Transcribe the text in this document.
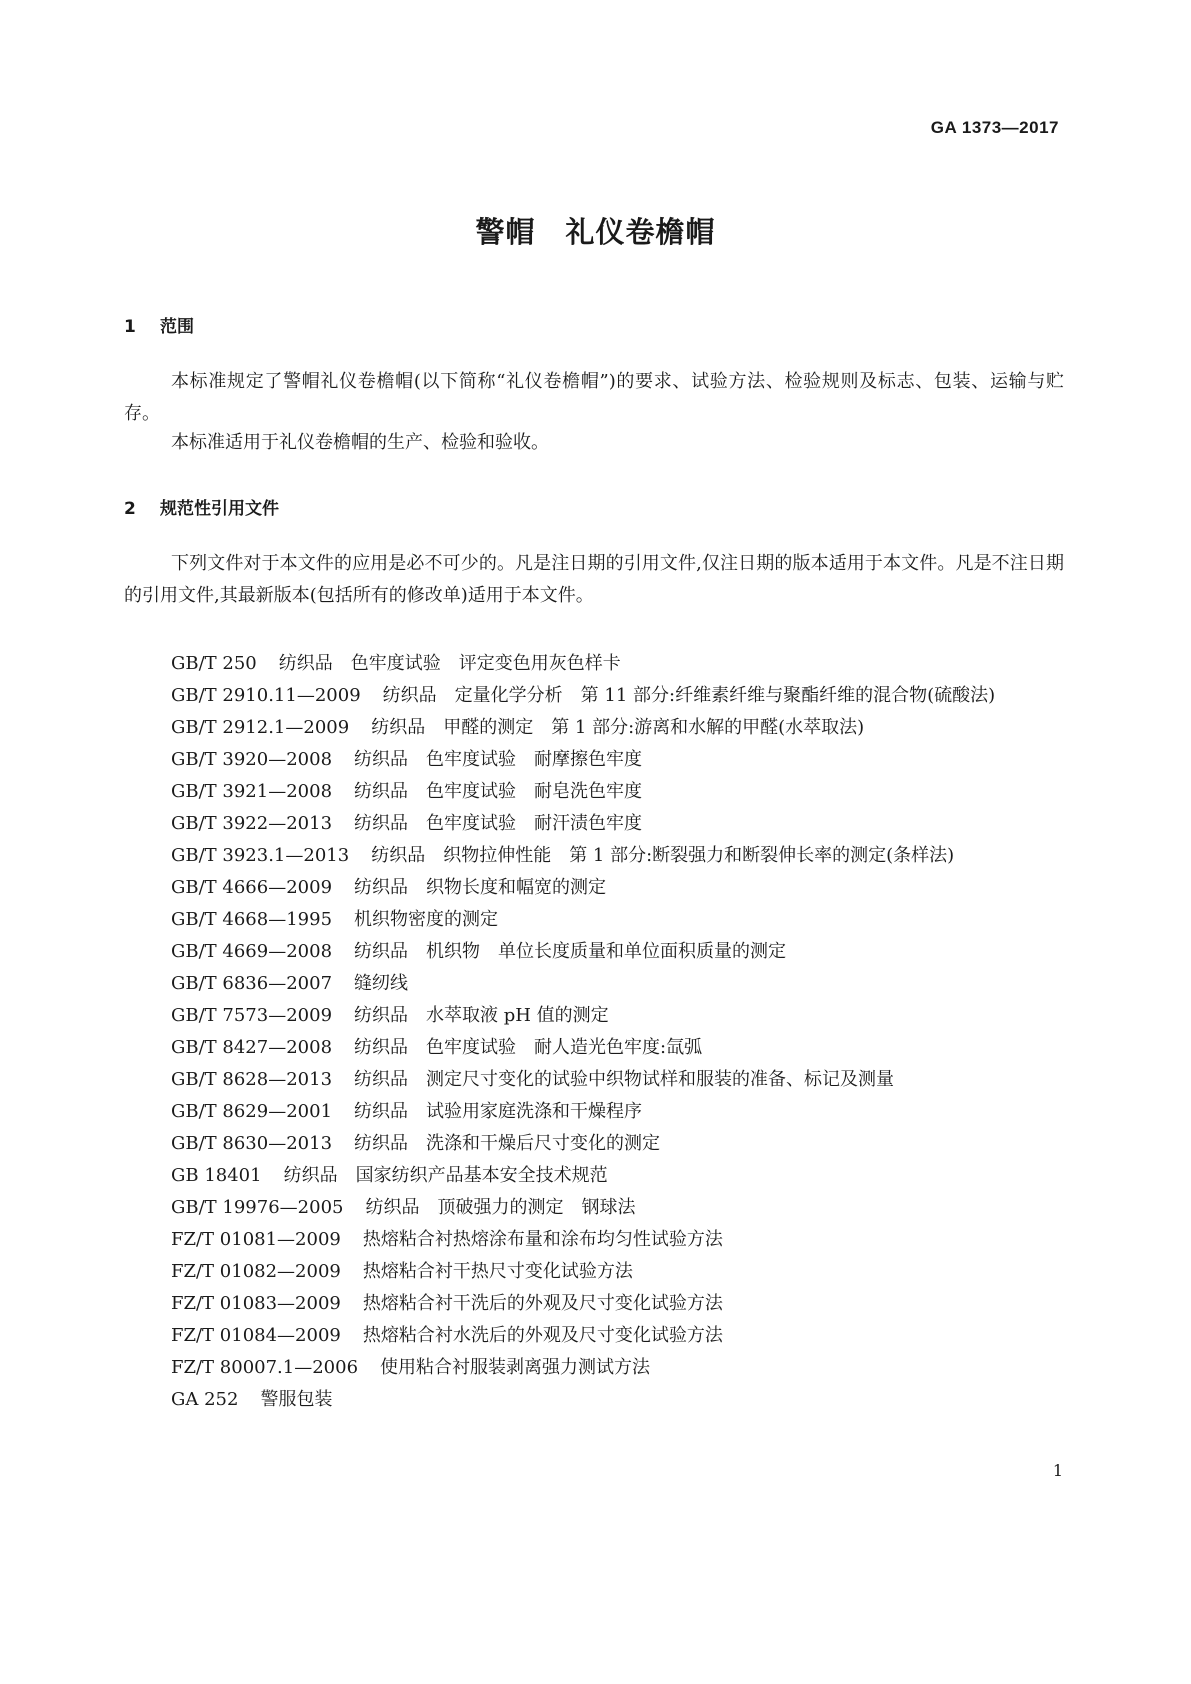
GA 1373—2017
警帽　礼仪卷檐帽
1 范围

本标准规定了警帽礼仪卷檐帽(以下简称“礼仪卷檐帽”)的要求、试验方法、检验规则及标志、包装、运输与贮存。

本标准适用于礼仪卷檐帽的生产、检验和验收。

2 规范性引用文件

下列文件对于本文件的应用是必不可少的。凡是注日期的引用文件,仅注日期的版本适用于本文件。凡是不注日期的引用文件,其最新版本(包括所有的修改单)适用于本文件。

GB/T 250 纺织品　色牢度试验　评定变色用灰色样卡
GB/T 2910.11—2009 纺织品　定量化学分析　第 11 部分:纤维素纤维与聚酯纤维的混合物(硫酸法)
GB/T 2912.1—2009 纺织品　甲醛的测定　第 1 部分:游离和水解的甲醛(水萃取法)
GB/T 3920—2008 纺织品　色牢度试验　耐摩擦色牢度
GB/T 3921—2008 纺织品　色牢度试验　耐皂洗色牢度
GB/T 3922—2013 纺织品　色牢度试验　耐汗渍色牢度
GB/T 3923.1—2013 纺织品　织物拉伸性能　第 1 部分:断裂强力和断裂伸长率的测定(条样法)
GB/T 4666—2009 纺织品　织物长度和幅宽的测定
GB/T 4668—1995 机织物密度的测定
GB/T 4669—2008 纺织品　机织物　单位长度质量和单位面积质量的测定
GB/T 6836—2007 缝纫线
GB/T 7573—2009 纺织品　水萃取液 pH 值的测定
GB/T 8427—2008 纺织品　色牢度试验　耐人造光色牢度:氙弧
GB/T 8628—2013 纺织品　测定尺寸变化的试验中织物试样和服装的准备、标记及测量
GB/T 8629—2001 纺织品　试验用家庭洗涤和干燥程序
GB/T 8630—2013 纺织品　洗涤和干燥后尺寸变化的测定
GB 18401 纺织品　国家纺织产品基本安全技术规范
GB/T 19976—2005 纺织品　顶破强力的测定　钢球法
FZ/T 01081—2009 热熔粘合衬热熔涂布量和涂布均匀性试验方法
FZ/T 01082—2009 热熔粘合衬干热尺寸变化试验方法
FZ/T 01083—2009 热熔粘合衬干洗后的外观及尺寸变化试验方法
FZ/T 01084—2009 热熔粘合衬水洗后的外观及尺寸变化试验方法
FZ/T 80007.1—2006 使用粘合衬服装剥离强力测试方法
GA 252 警服包装
1
